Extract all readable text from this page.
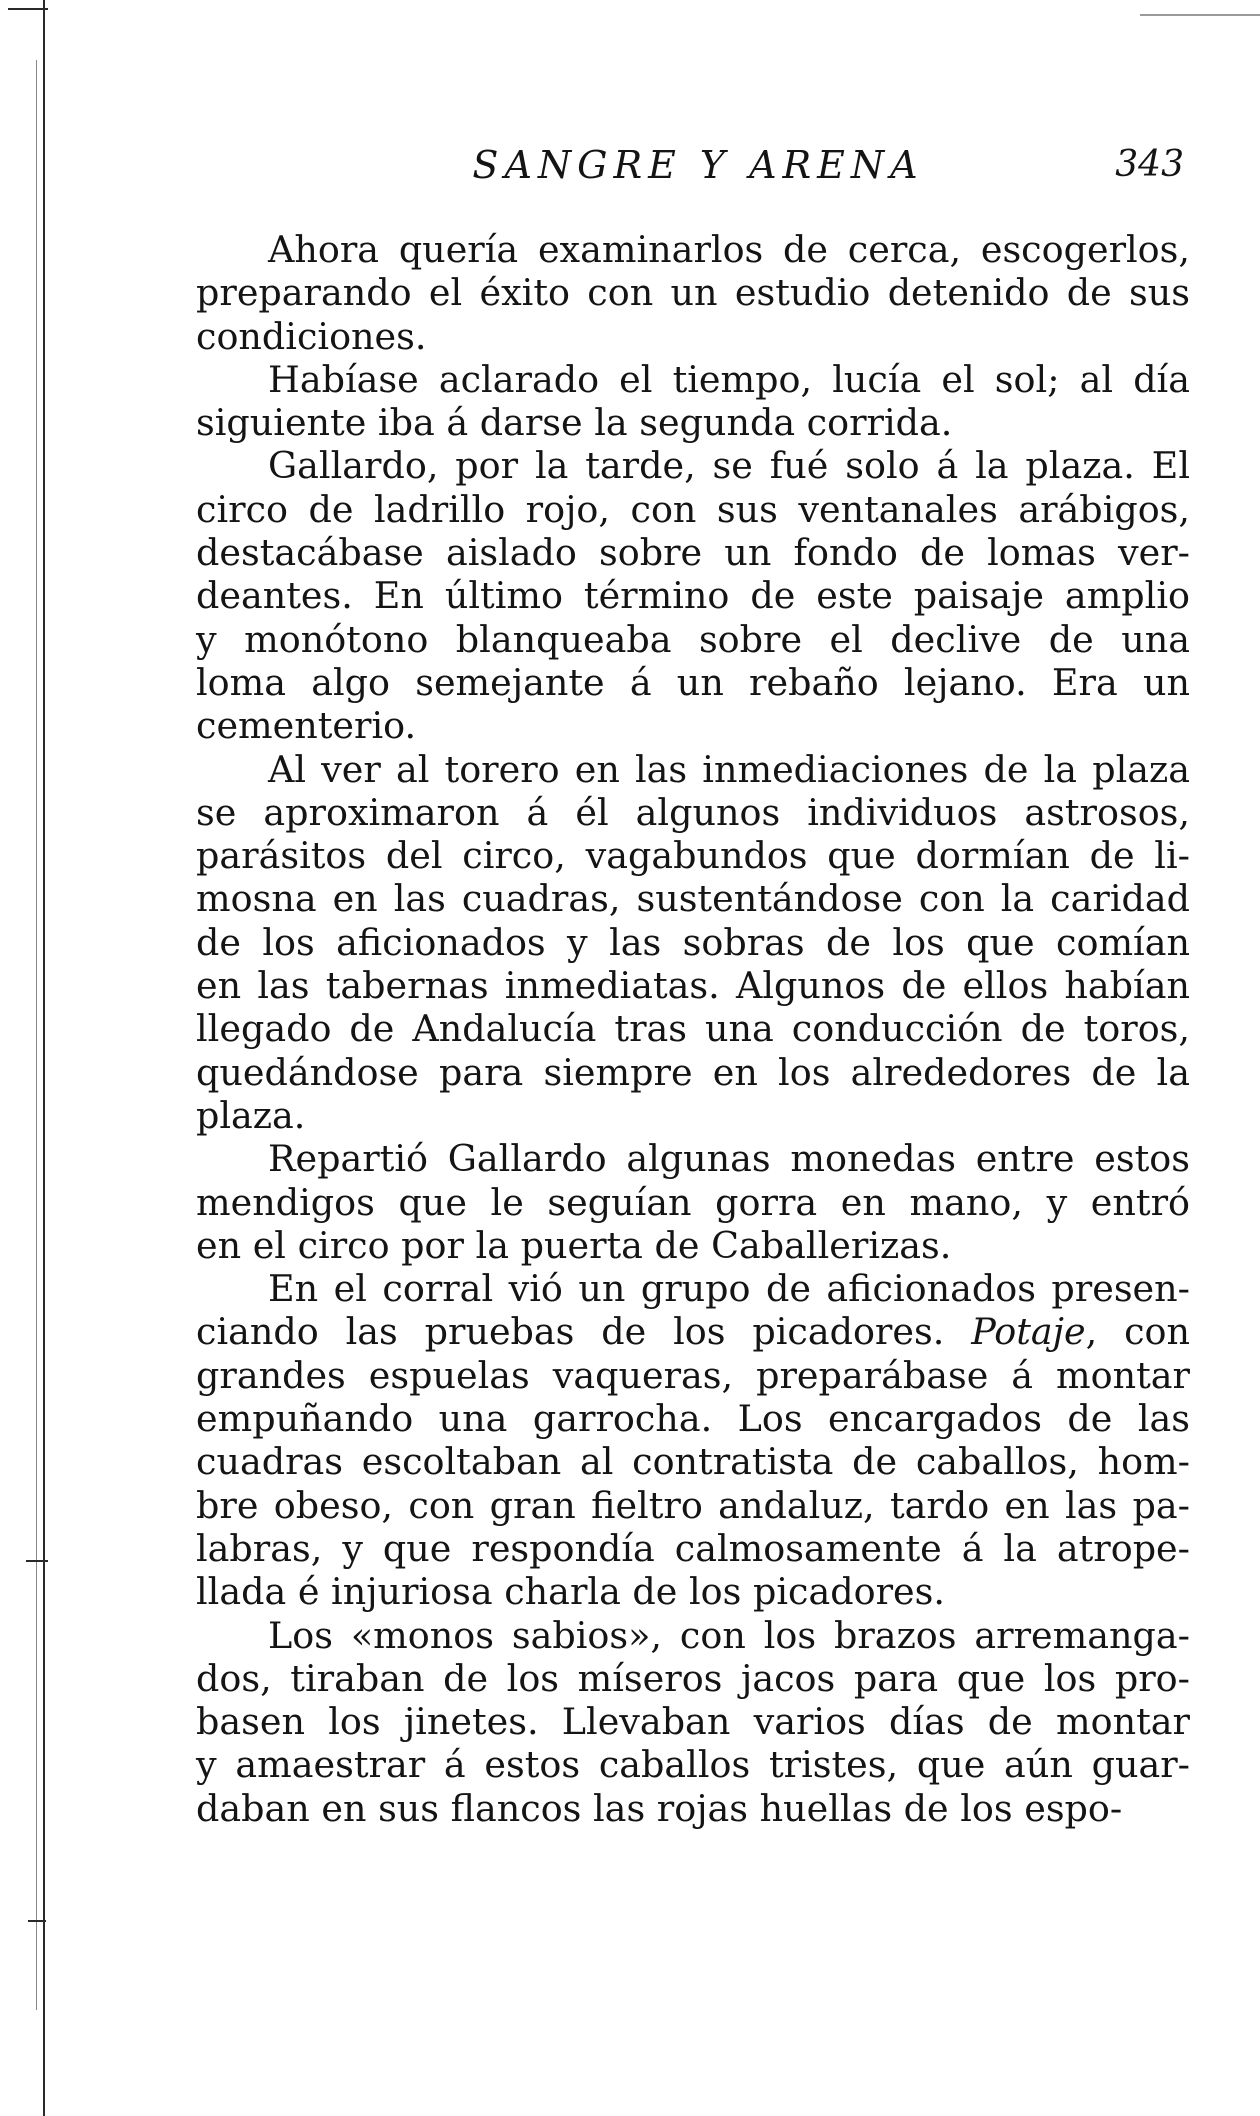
SANGRE Y ARENA	343
Ahora quería examinarlos de cerca, escogerlos,
preparando el éxito con un estudio detenido de sus
condiciones.
Habíase aclarado el tiempo, lucía el sol; al día
siguiente iba á darse la segunda corrida.
Gallardo, por la tarde, se fué solo á la plaza. El
circo de ladrillo rojo, con sus ventanales arábigos,
destacábase aislado sobre un fondo de lomas ver-
deantes. En último término de este paisaje amplio
y monótono blanqueaba sobre el declive de una
loma algo semejante á un rebaño lejano. Era un
cementerio.
Al ver al torero en las inmediaciones de la plaza
se aproximaron á él algunos individuos astrosos,
parásitos del circo, vagabundos que dormían de li-
mosna en las cuadras, sustentándose con la caridad
de los aficionados y las sobras de los que comían
en las tabernas inmediatas. Algunos de ellos habían
llegado de Andalucía tras una conducción de toros,
quedándose para siempre en los alrededores de la
plaza.
Repartió Gallardo algunas monedas entre estos
mendigos que le seguían gorra en mano, y entró
en el circo por la puerta de Caballerizas.
En el corral vió un grupo de aficionados presen-
ciando las pruebas de los picadores. Potaje, con
grandes espuelas vaqueras, preparábase á montar
empuñando una garrocha. Los encargados de las
cuadras escoltaban al contratista de caballos, hom-
bre obeso, con gran fieltro andaluz, tardo en las pa-
labras, y que respondía calmosamente á la atrope-
llada é injuriosa charla de los picadores.
Los «monos sabios», con los brazos arremanga-
dos, tiraban de los míseros jacos para que los pro-
basen los jinetes. Llevaban varios días de montar
y amaestrar á estos caballos tristes, que aún guar-
daban en sus flancos las rojas huellas de los espo-
